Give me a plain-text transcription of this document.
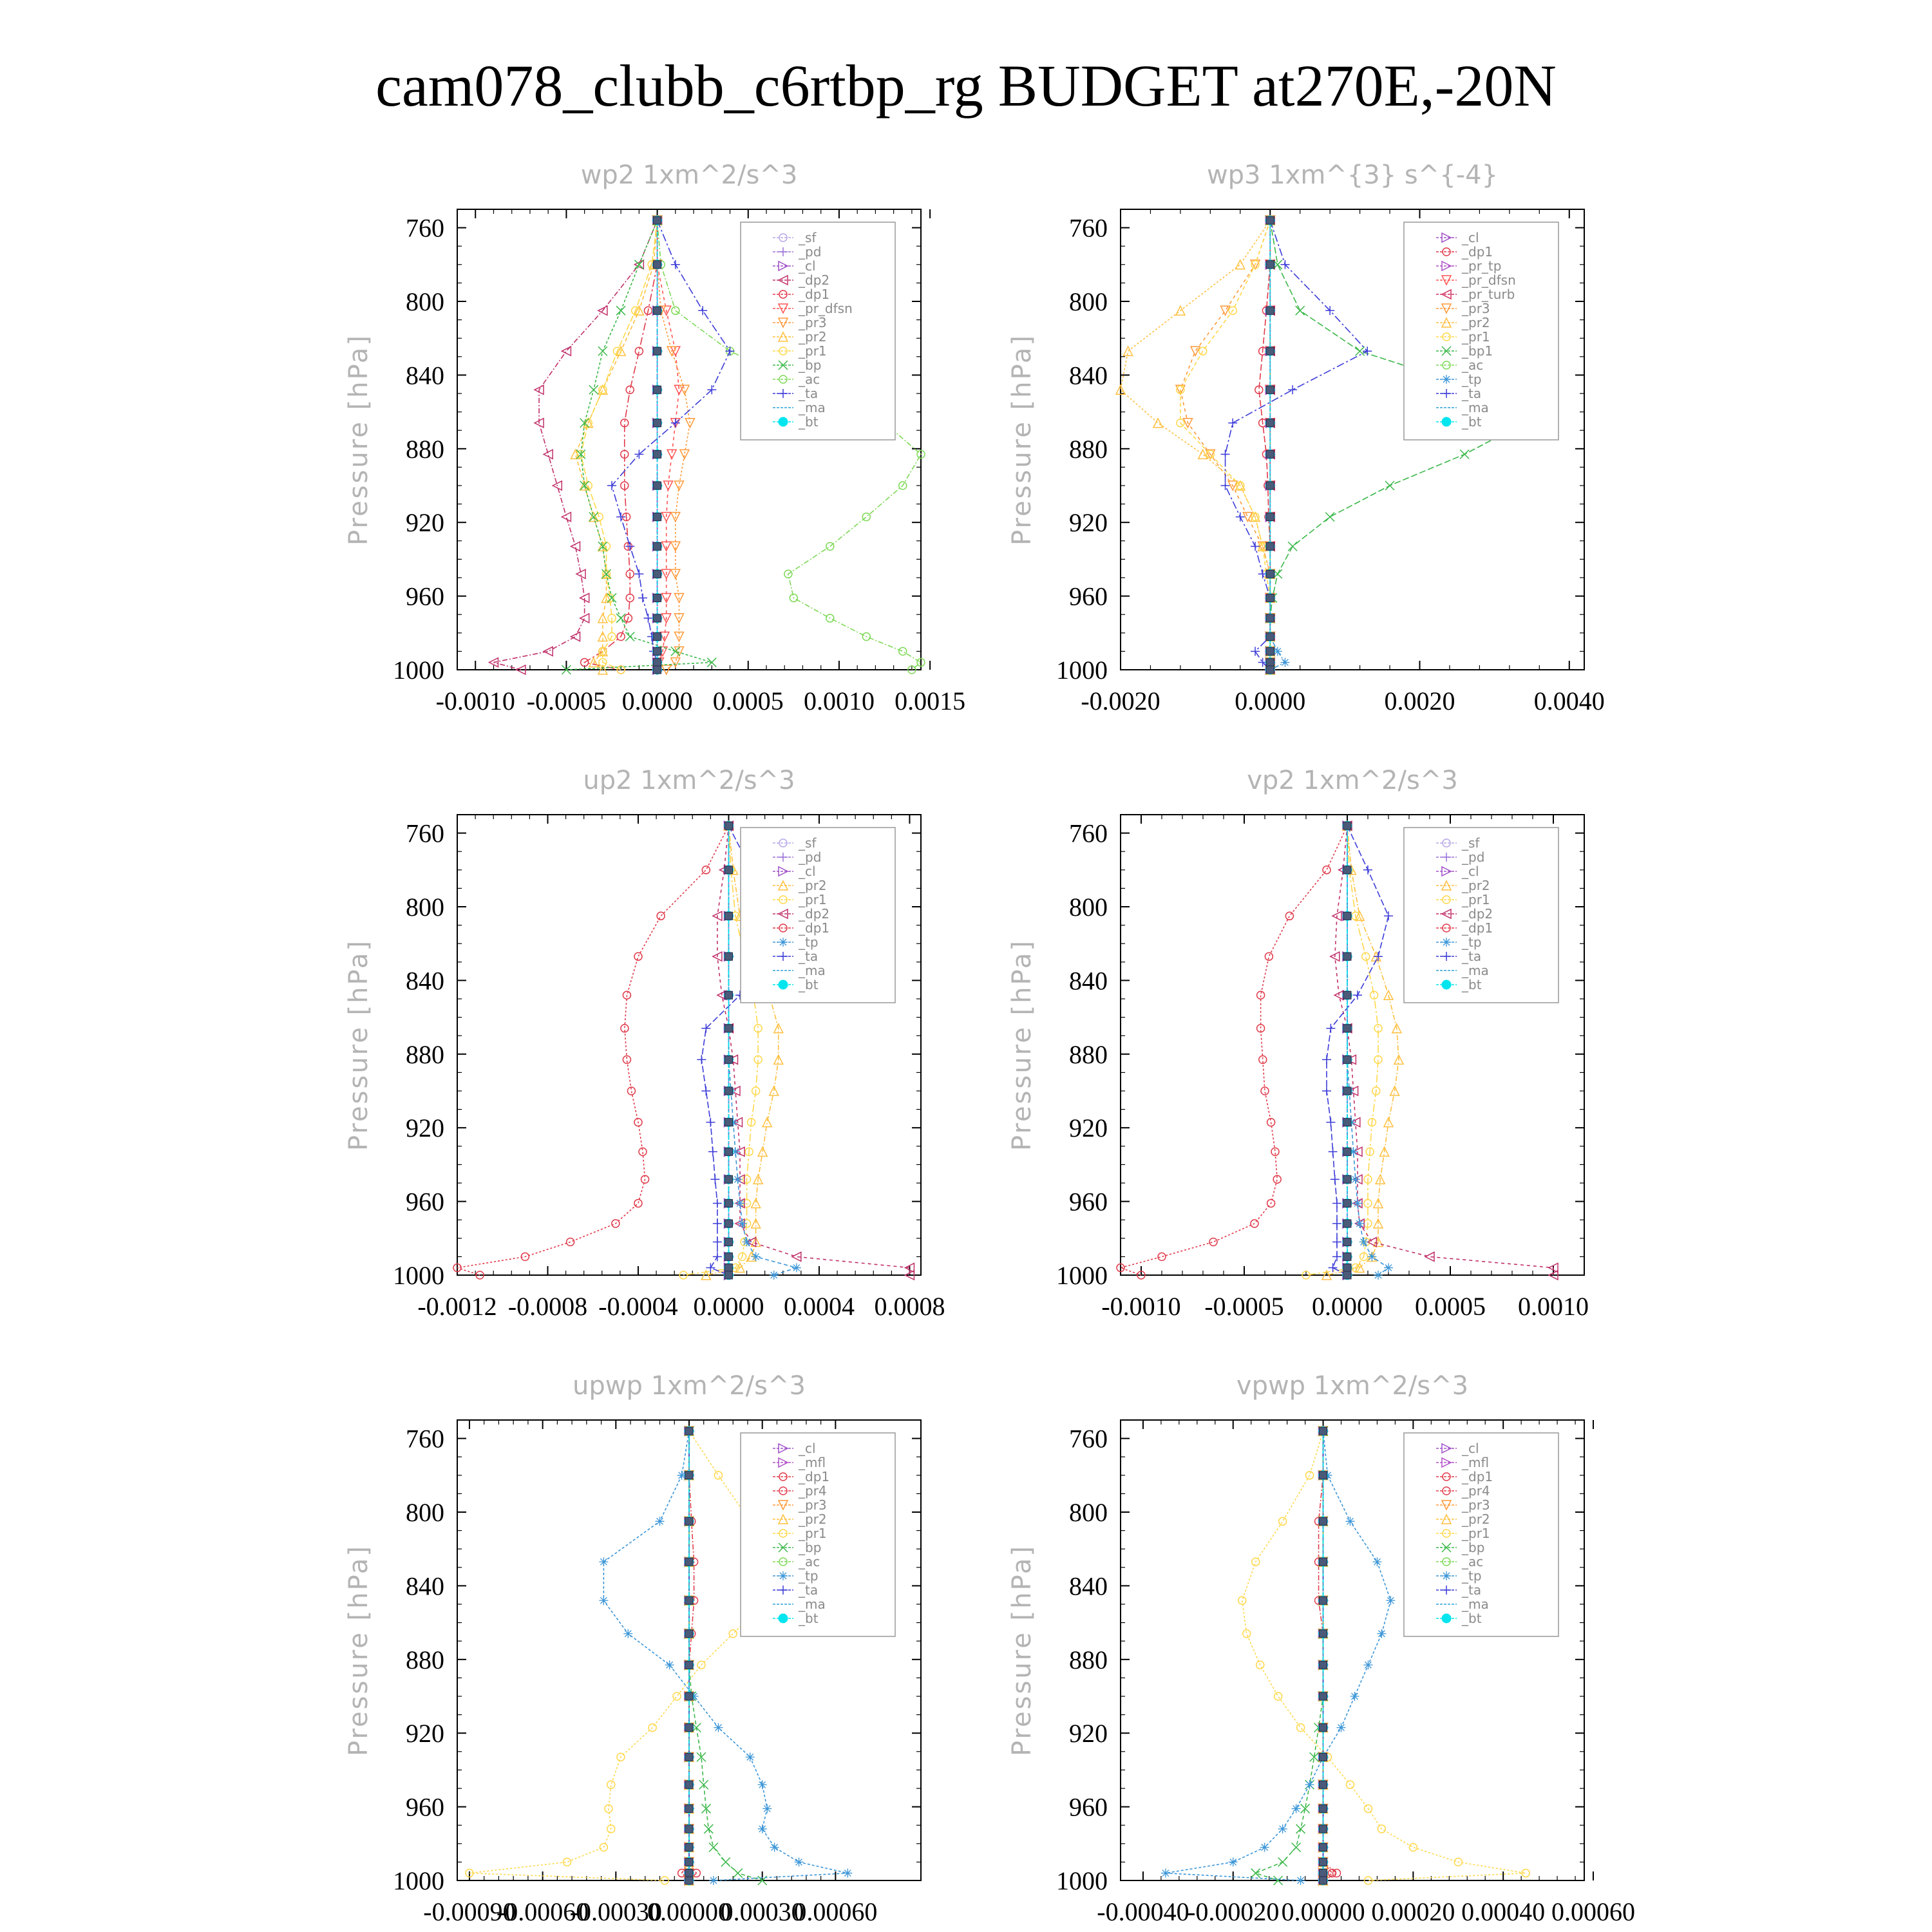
cam078_clubb_c6rtbp_rg BUDGET at270E,-20N
wp2 1xm^2/s^3
Pressure [hPa]
760
800
840
880
920
960
1000
-0.0010 -0.0005 0.0000 0.0005 0.0010 0.0015
_sf
_pd
_cl
_dp2
_dp1
_pr_dfsn
_pr3
_pr2
_pr1
_bp
_ac
_ta
_ma
_bt
wp3 1xm^{3} s^{-4}
Pressure [hPa]
760
800
840
880
920
960
1000
-0.0020	0.0000	0.0020	0.0040
_cl
_dp1
_pr_tp
_pr_dfsn
_pr_turb
_pr3
_pr2
_pr1
_bp1
_ac
_tp
_ta
_ma
_bt
up2 1xm^2/s^3
Pressure [hPa]
760
800
840
880
920
960
1000
-0.0012 -0.0008 -0.0004 0.0000 0.0004 0.0008
_sf
_pd
_cl
_pr2
_pr1
_dp2
_dp1
_tp
_ta
_ma
_bt
vp2 1xm^2/s^3
Pressure [hPa]
760
800
840
880
920
960
1000
-0.0010 -0.0005 0.0000 0.0005 0.0010
_sf
_pd
_cl
_pr2
_pr1
_dp2
_dp1
_tp
_ta
_ma
_bt
upwp 1xm^2/s^3
Pressure [hPa]
760
800
840
880
920
960
1000
-0.00090
-0.00060
-0.00030
0.00000
0.00030
0.00060
_cl
_mfl
_dp1
_pr4
_pr3
_pr2
_pr1
_bp
_ac
_tp
_ta
_ma
_bt
vpwp 1xm^2/s^3
Pressure [hPa]
760
800
840
880
920
960
1000
-0.00040
-0.00020 0.00000 0.00020 0.00040 0.00060
_cl
_mfl
_dp1
_pr4
_pr3
_pr2
_pr1
_bp
_ac
_tp
_ta
_ma
_bt
